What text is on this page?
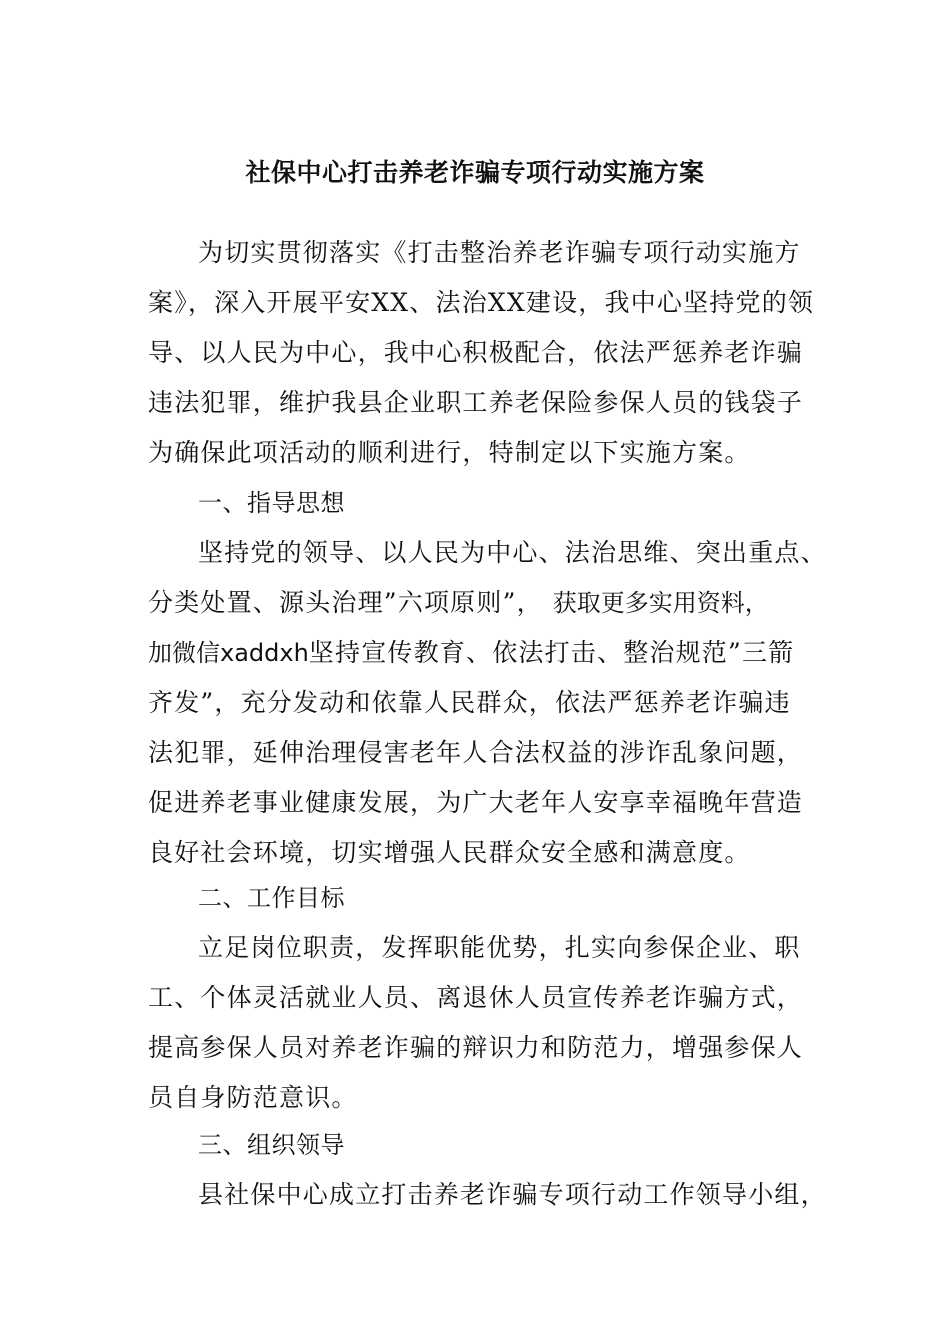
社保中心打击养老诈骗专项行动实施方案

为切实贯彻落实《打击整治养老诈骗专项行动实施方

案》，深入开展平安XX、法治XX建设，我中心坚持党的领

导、以人民为中心，我中心积极配合，依法严惩养老诈骗

违法犯罪，维护我县企业职工养老保险参保人员的钱袋子

为确保此项活动的顺利进行，特制定以下实施方案。

一、指导思想

坚持党的领导、以人民为中心、法治思维、突出重点、

分类处置、源头治理”六项原则”， 获取更多实用资料，

加微信xaddxh坚持宣传教育、依法打击、整治规范”三箭

齐发”，充分发动和依靠人民群众，依法严惩养老诈骗违

法犯罪，延伸治理侵害老年人合法权益的涉诈乱象问题，

促进养老事业健康发展，为广大老年人安享幸福晚年营造

良好社会环境，切实增强人民群众安全感和满意度。

二、工作目标

立足岗位职责，发挥职能优势，扎实向参保企业、职

工、个体灵活就业人员、离退休人员宣传养老诈骗方式，

提高参保人员对养老诈骗的辩识力和防范力，增强参保人

员自身防范意识。

三、组织领导

县社保中心成立打击养老诈骗专项行动工作领导小组，
